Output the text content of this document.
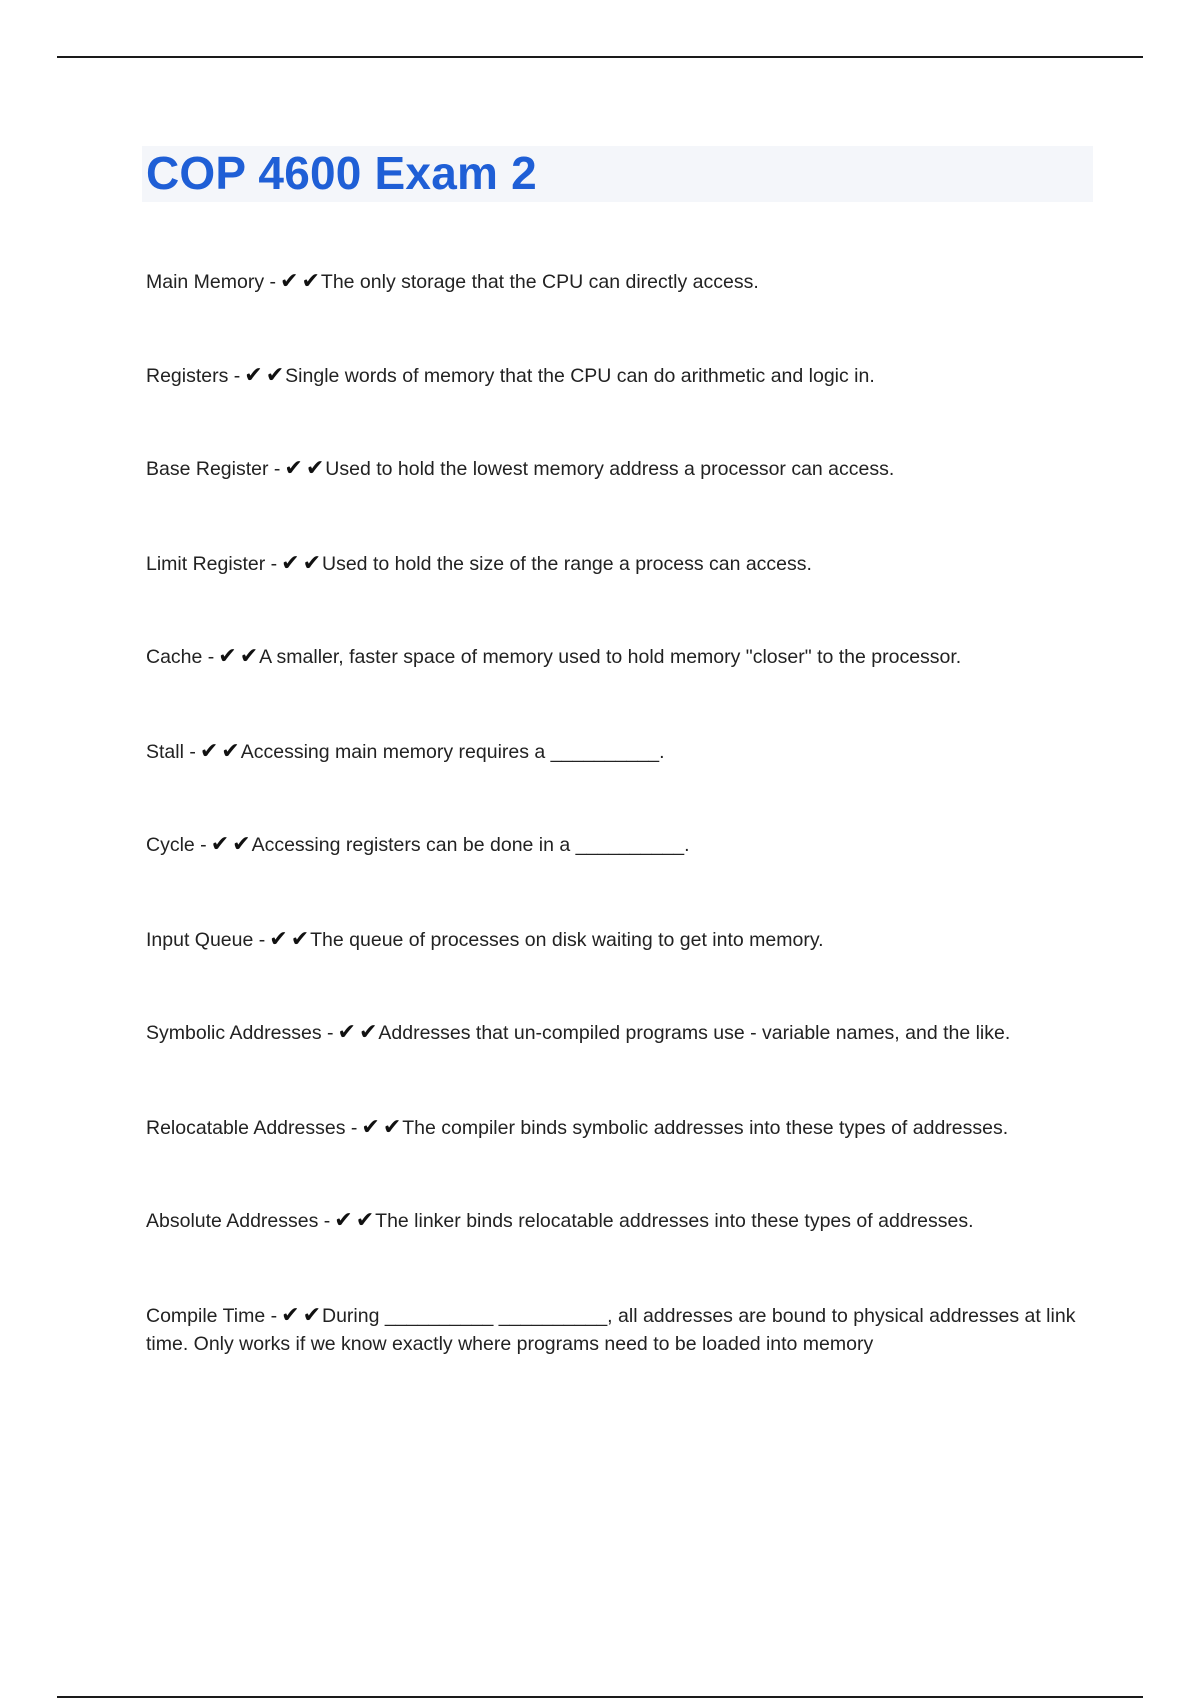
COP 4600 Exam 2

Main Memory - ✔ ✔The only storage that the CPU can directly access.

Registers - ✔ ✔Single words of memory that the CPU can do arithmetic and logic in.

Base Register - ✔ ✔Used to hold the lowest memory address a processor can access.

Limit Register - ✔ ✔Used to hold the size of the range a process can access.

Cache - ✔ ✔A smaller, faster space of memory used to hold memory "closer" to the processor.

Stall - ✔ ✔Accessing main memory requires a __________.

Cycle - ✔ ✔Accessing registers can be done in a __________.

Input Queue - ✔ ✔The queue of processes on disk waiting to get into memory.

Symbolic Addresses - ✔ ✔Addresses that un-compiled programs use - variable names, and the like.

Relocatable Addresses - ✔ ✔The compiler binds symbolic addresses into these types of addresses.

Absolute Addresses - ✔ ✔The linker binds relocatable addresses into these types of addresses.

Compile Time - ✔ ✔During __________ __________, all addresses are bound to physical addresses at link time. Only works if we know exactly where programs need to be loaded into memory
